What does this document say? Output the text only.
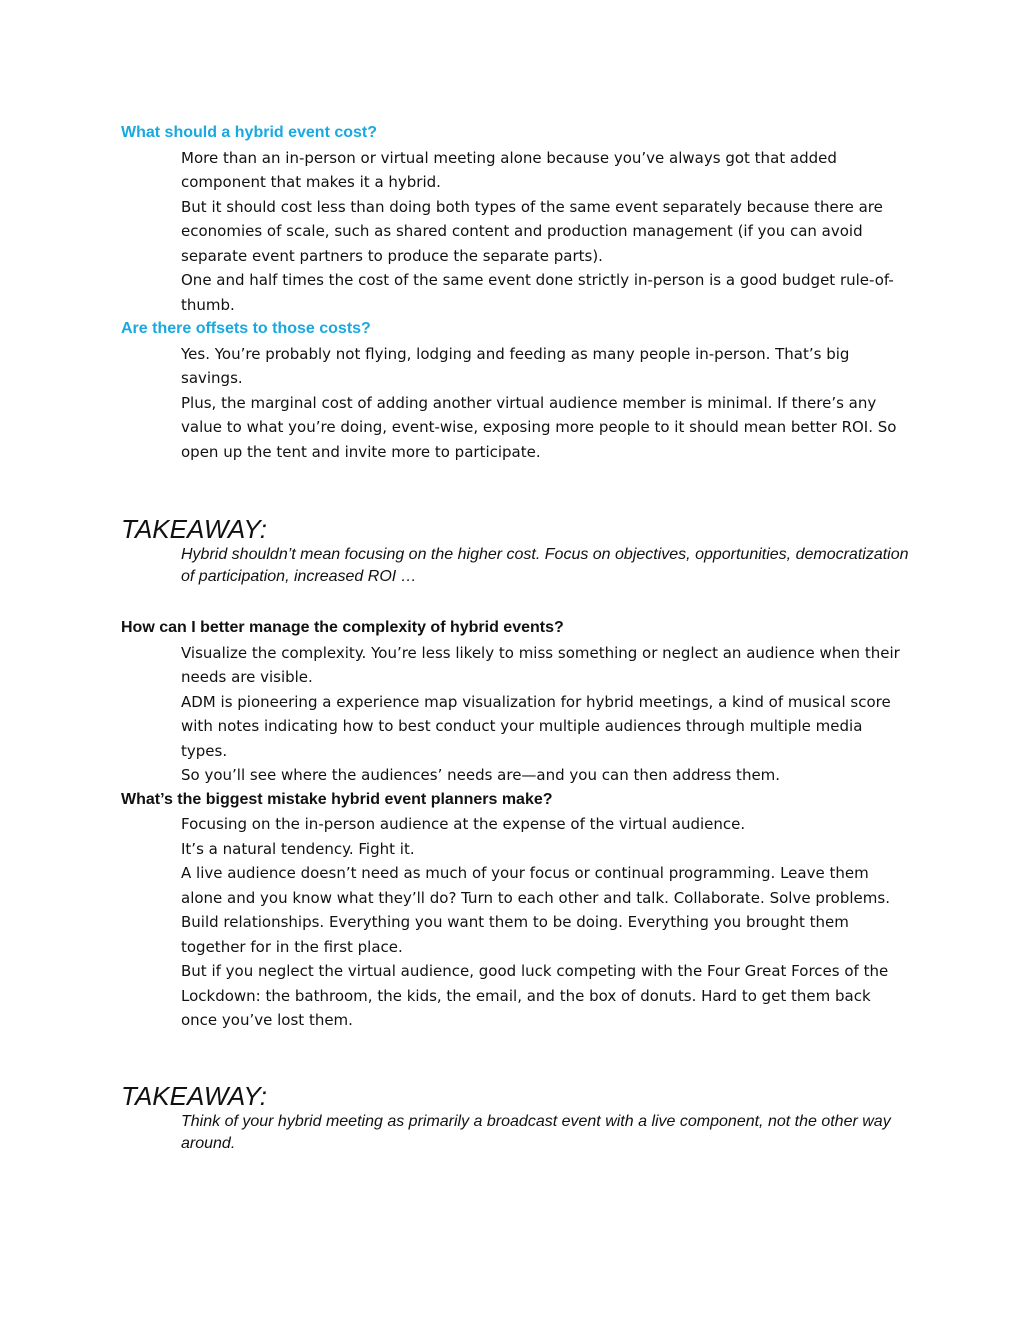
What should a hybrid event cost?

More than an in-person or virtual meeting alone because you’ve always got that added component that makes it a hybrid.

But it should cost less than doing both types of the same event separately because there are economies of scale, such as shared content and production management (if you can avoid separate event partners to produce the separate parts).

One and half times the cost of the same event done strictly in-person is a good budget rule-of-thumb.

Are there offsets to those costs?

Yes. You’re probably not flying, lodging and feeding as many people in-person. That’s big savings.

Plus, the marginal cost of adding another virtual audience member is minimal. If there’s any value to what you’re doing, event-wise, exposing more people to it should mean better ROI. So open up the tent and invite more to participate.

TAKEAWAY:

Hybrid shouldn’t mean focusing on the higher cost. Focus on objectives, opportunities, democratization of participation, increased ROI …

How can I better manage the complexity of hybrid events?

Visualize the complexity. You’re less likely to miss something or neglect an audience when their needs are visible.

ADM is pioneering a experience map visualization for hybrid meetings, a kind of musical score with notes indicating how to best conduct your multiple audiences through multiple media types.

So you’ll see where the audiences’ needs are—and you can then address them.

What’s the biggest mistake hybrid event planners make?

Focusing on the in-person audience at the expense of the virtual audience.

It’s a natural tendency. Fight it.

A live audience doesn’t need as much of your focus or continual programming. Leave them alone and you know what they’ll do? Turn to each other and talk. Collaborate. Solve problems. Build relationships. Everything you want them to be doing. Everything you brought them together for in the first place.

But if you neglect the virtual audience, good luck competing with the Four Great Forces of the Lockdown: the bathroom, the kids, the email, and the box of donuts. Hard to get them back once you’ve lost them.

TAKEAWAY:

Think of your hybrid meeting as primarily a broadcast event with a live component, not the other way around.
